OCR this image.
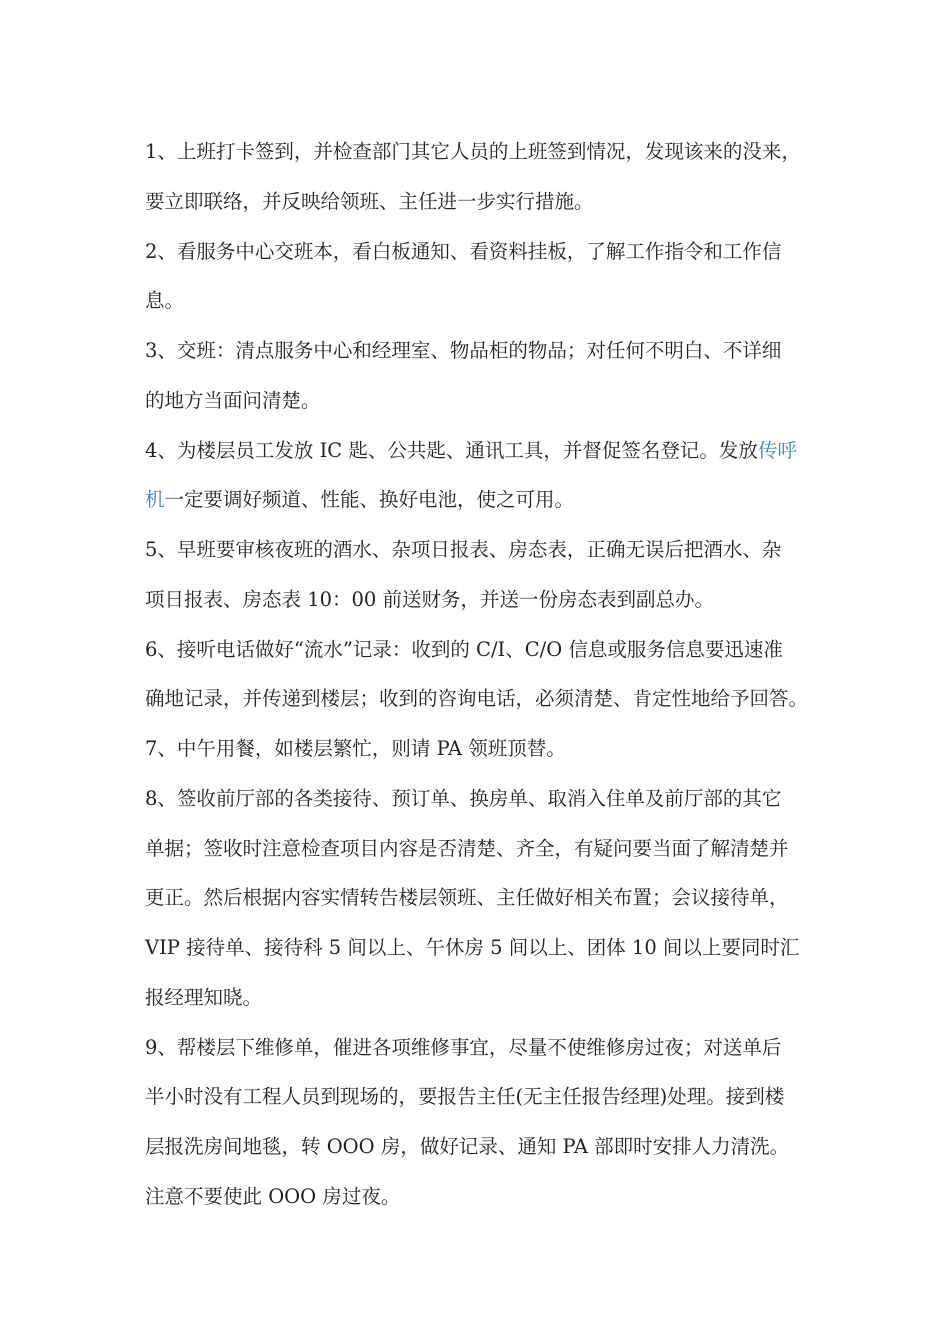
1、上班打卡签到，并检查部门其它人员的上班签到情况，发现该来的没来，
要立即联络，并反映给领班、主任进一步实行措施。
2、看服务中心交班本，看白板通知、看资料挂板，了解工作指令和工作信
息。
3、交班：清点服务中心和经理室、物品柜的物品；对任何不明白、不详细
的地方当面问清楚。
4、为楼层员工发放 IC 匙、公共匙、通讯工具，并督促签名登记。发放传呼
机一定要调好频道、性能、换好电池，使之可用。
5、早班要审核夜班的酒水、杂项日报表、房态表，正确无误后把酒水、杂
项日报表、房态表 10：00 前送财务，并送一份房态表到副总办。
6、接听电话做好“流水”记录：收到的 C/I、C/O 信息或服务信息要迅速准
确地记录，并传递到楼层；收到的咨询电话，必须清楚、肯定性地给予回答。
7、中午用餐，如楼层繁忙，则请 PA 领班顶替。
8、签收前厅部的各类接待、预订单、换房单、取消入住单及前厅部的其它
单据；签收时注意检查项目内容是否清楚、齐全，有疑问要当面了解清楚并
更正。然后根据内容实情转告楼层领班、主任做好相关布置；会议接待单，
VIP 接待单、接待科 5 间以上、午休房 5 间以上、团体 10 间以上要同时汇
报经理知晓。
9、帮楼层下维修单，催进各项维修事宜，尽量不使维修房过夜；对送单后
半小时没有工程人员到现场的，要报告主任(无主任报告经理)处理。接到楼
层报洗房间地毯，转 OOO 房，做好记录、通知 PA 部即时安排人力清洗。
注意不要使此 OOO 房过夜。
